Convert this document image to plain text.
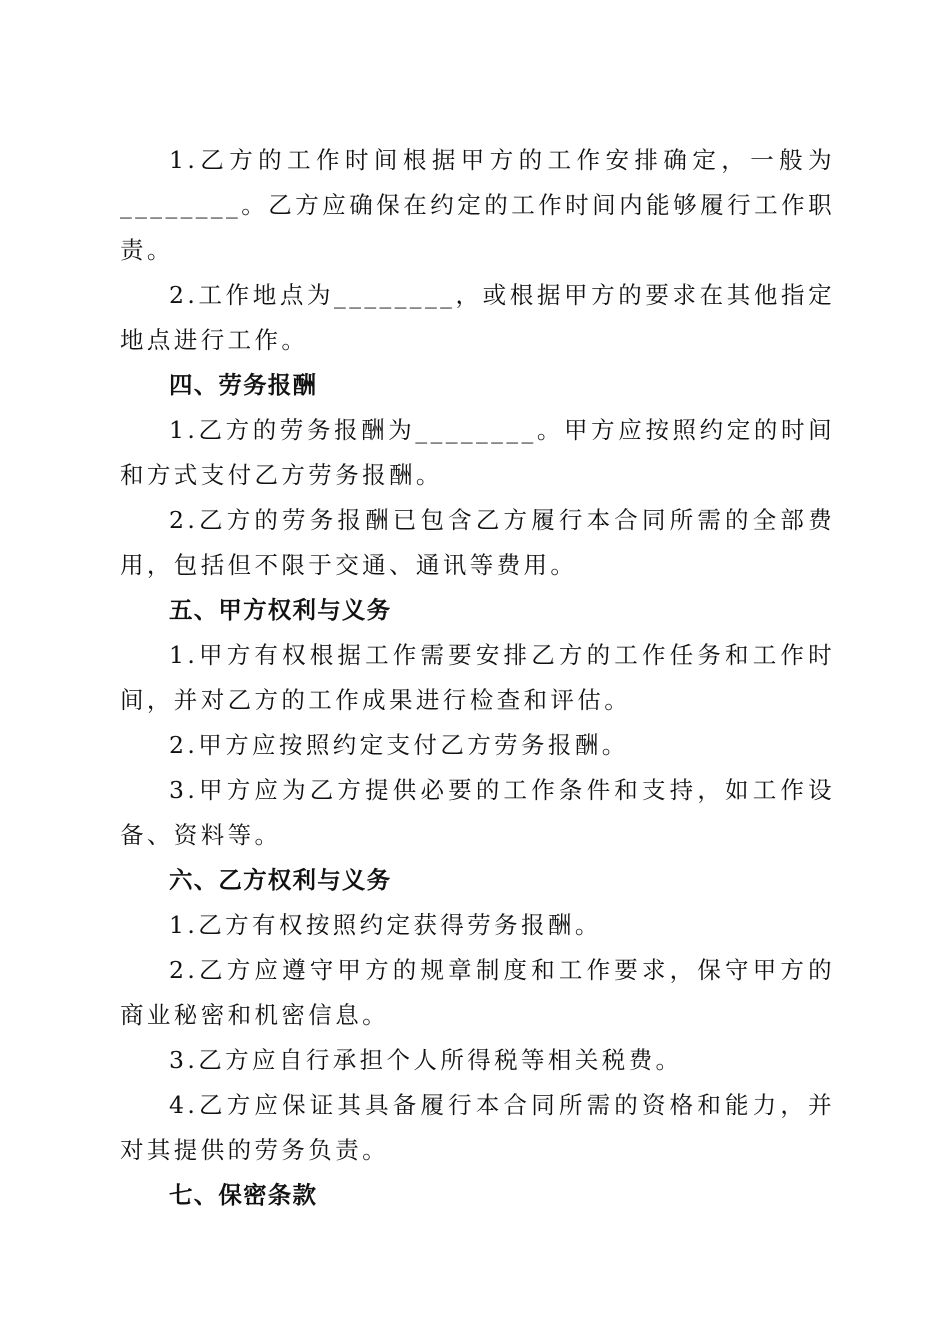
1.乙方的工作时间根据甲方的工作安排确定，一般为________。乙方应确保在约定的工作时间内能够履行工作职责。

2.工作地点为________，或根据甲方的要求在其他指定地点进行工作。

四、劳务报酬

1.乙方的劳务报酬为________。甲方应按照约定的时间和方式支付乙方劳务报酬。

2.乙方的劳务报酬已包含乙方履行本合同所需的全部费用，包括但不限于交通、通讯等费用。

五、甲方权利与义务

1.甲方有权根据工作需要安排乙方的工作任务和工作时间，并对乙方的工作成果进行检查和评估。

2.甲方应按照约定支付乙方劳务报酬。

3.甲方应为乙方提供必要的工作条件和支持，如工作设备、资料等。

六、乙方权利与义务

1.乙方有权按照约定获得劳务报酬。

2.乙方应遵守甲方的规章制度和工作要求，保守甲方的商业秘密和机密信息。

3.乙方应自行承担个人所得税等相关税费。

4.乙方应保证其具备履行本合同所需的资格和能力，并对其提供的劳务负责。

七、保密条款
